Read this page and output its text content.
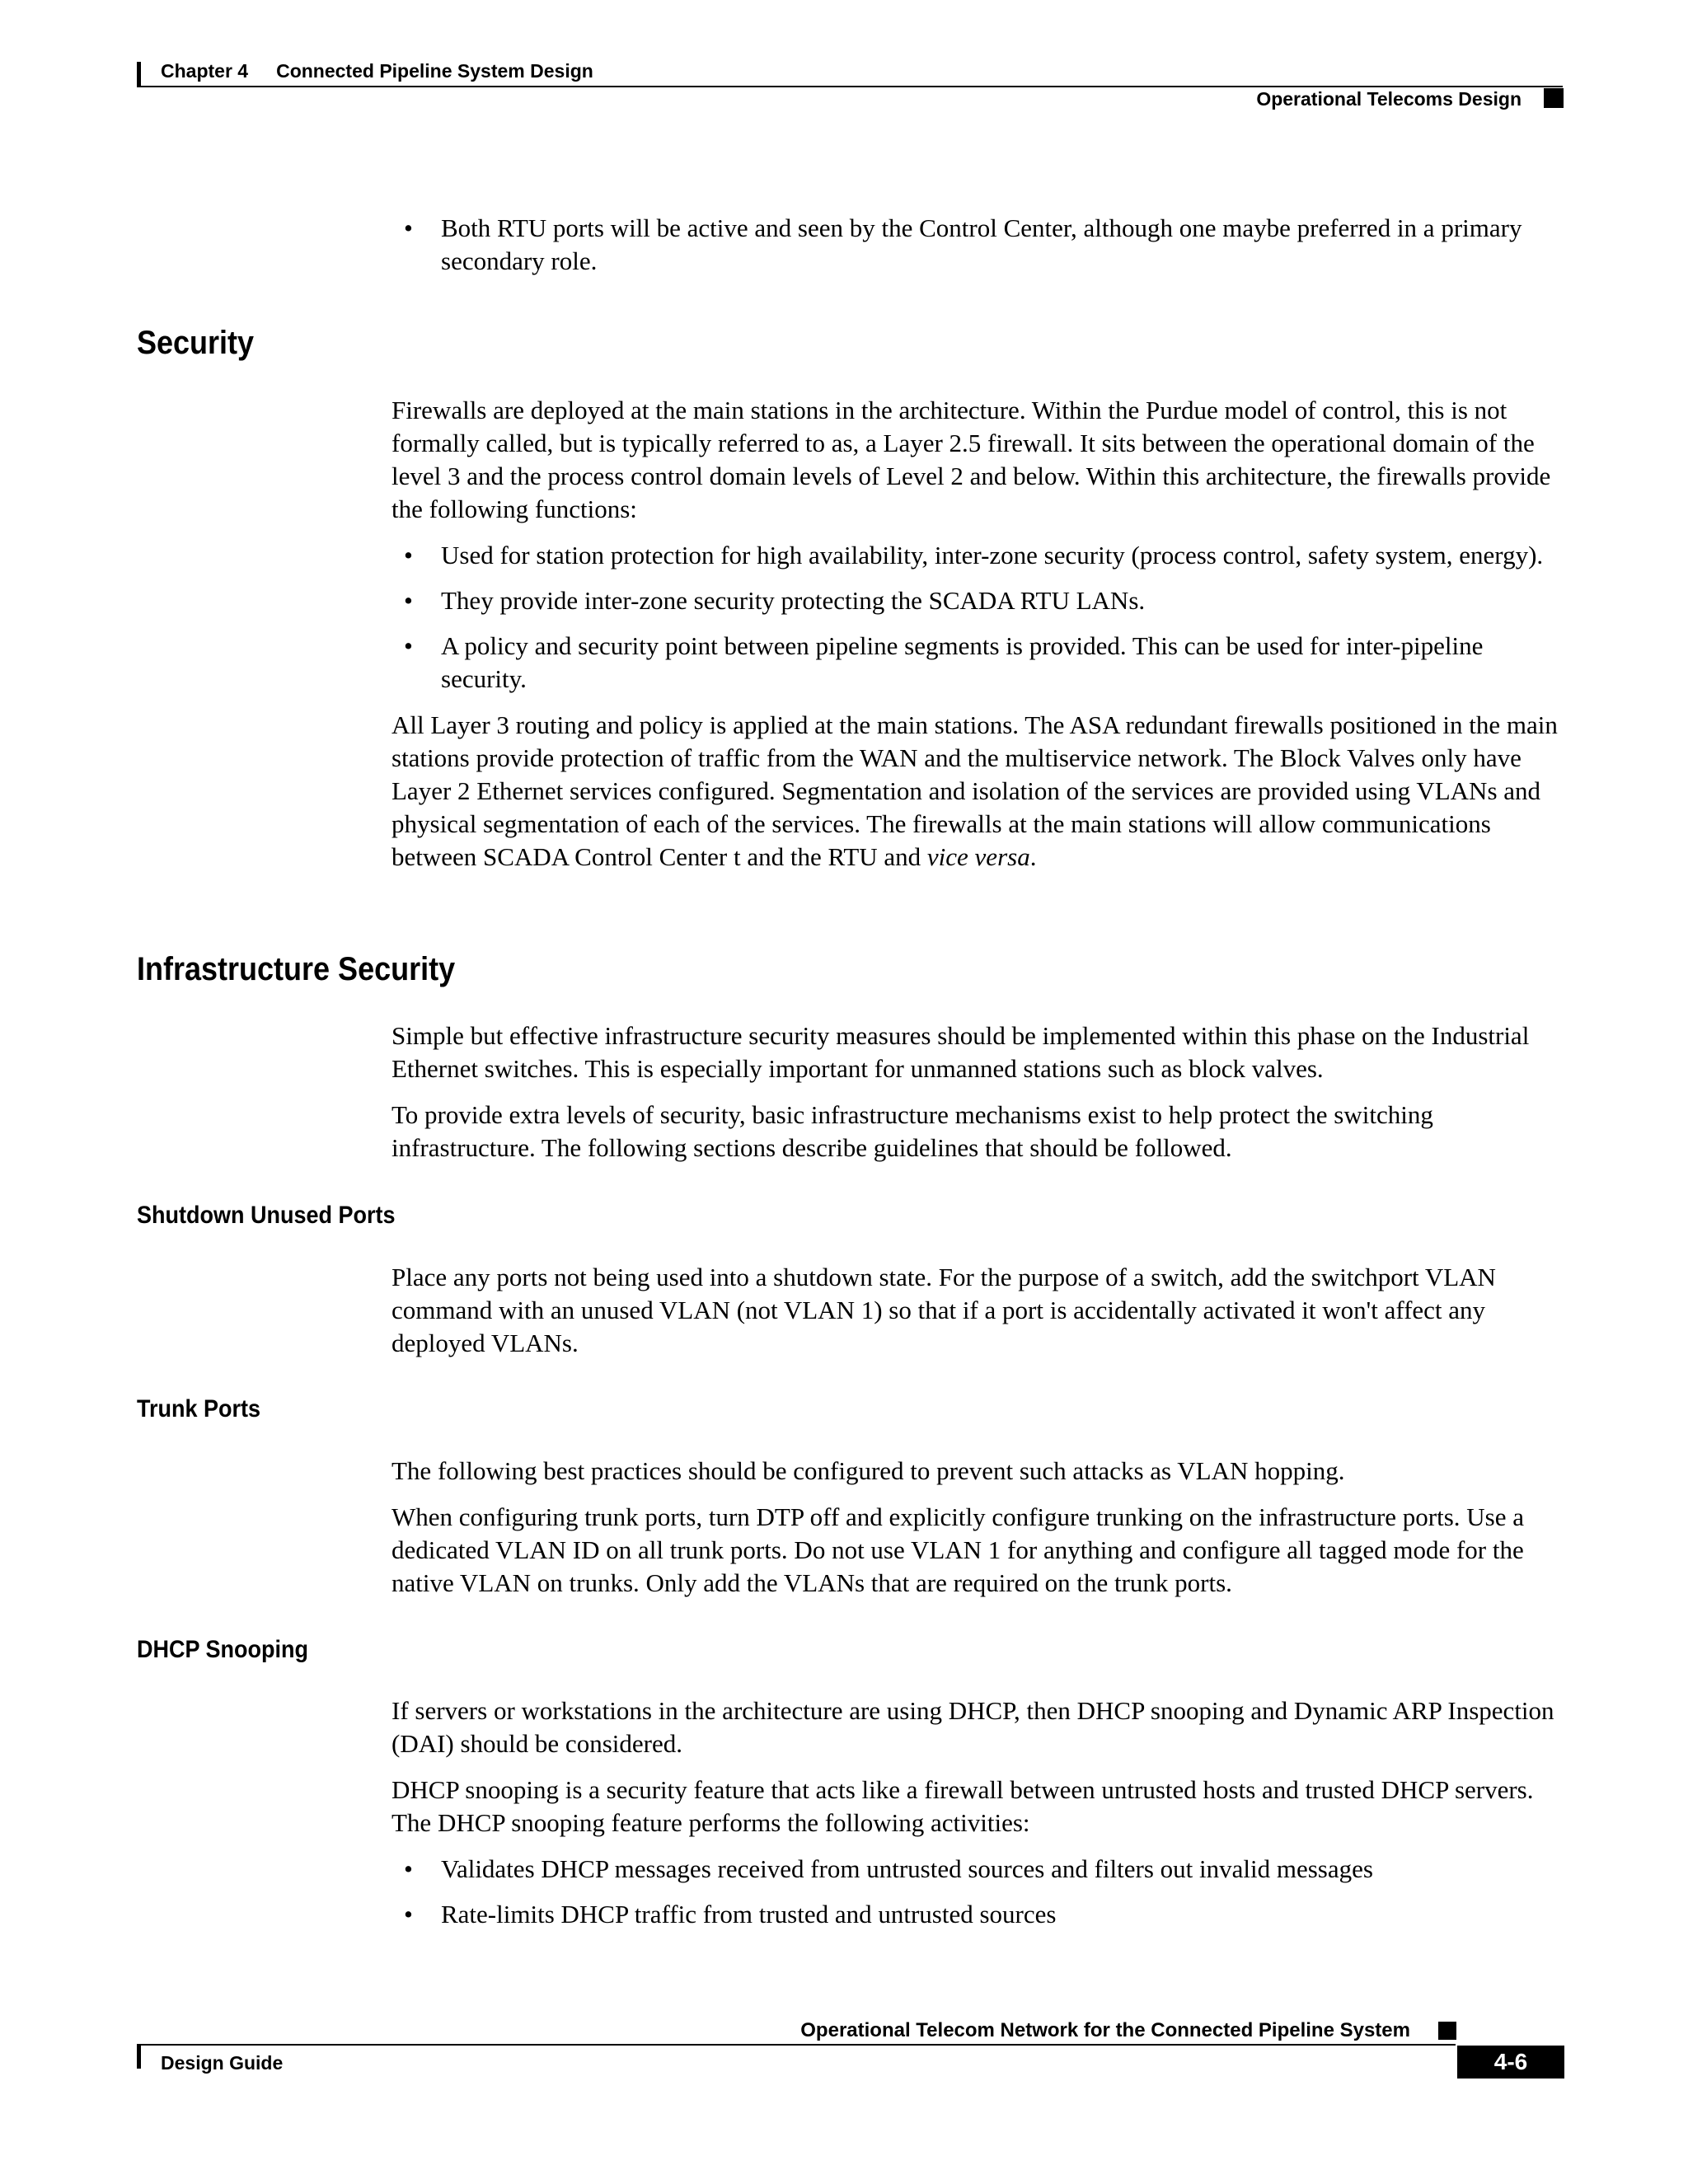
Chapter 4 Connected Pipeline System Design
Operational Telecoms Design
• Both RTU ports will be active and seen by the Control Center, although one maybe preferred in a primary secondary role.
Security

Firewalls are deployed at the main stations in the architecture. Within the Purdue model of control, this is not formally called, but is typically referred to as, a Layer 2.5 firewall. It sits between the operational domain of the level 3 and the process control domain levels of Level 2 and below. Within this architecture, the firewalls provide the following functions:

• Used for station protection for high availability, inter-zone security (process control, safety system, energy).
• They provide inter-zone security protecting the SCADA RTU LANs.
• A policy and security point between pipeline segments is provided. This can be used for inter-pipeline security.

All Layer 3 routing and policy is applied at the main stations. The ASA redundant firewalls positioned in the main stations provide protection of traffic from the WAN and the multiservice network. The Block Valves only have Layer 2 Ethernet services configured. Segmentation and isolation of the services are provided using VLANs and physical segmentation of each of the services. The firewalls at the main stations will allow communications between SCADA Control Center t and the RTU and vice versa.

Infrastructure Security

Simple but effective infrastructure security measures should be implemented within this phase on the Industrial Ethernet switches. This is especially important for unmanned stations such as block valves.

To provide extra levels of security, basic infrastructure mechanisms exist to help protect the switching infrastructure. The following sections describe guidelines that should be followed.

Shutdown Unused Ports

Place any ports not being used into a shutdown state. For the purpose of a switch, add the switchport VLAN command with an unused VLAN (not VLAN 1) so that if a port is accidentally activated it won't affect any deployed VLANs.

Trunk Ports

The following best practices should be configured to prevent such attacks as VLAN hopping.

When configuring trunk ports, turn DTP off and explicitly configure trunking on the infrastructure ports. Use a dedicated VLAN ID on all trunk ports. Do not use VLAN 1 for anything and configure all tagged mode for the native VLAN on trunks. Only add the VLANs that are required on the trunk ports.

DHCP Snooping

If servers or workstations in the architecture are using DHCP, then DHCP snooping and Dynamic ARP Inspection (DAI) should be considered.

DHCP snooping is a security feature that acts like a firewall between untrusted hosts and trusted DHCP servers. The DHCP snooping feature performs the following activities:

• Validates DHCP messages received from untrusted sources and filters out invalid messages
• Rate-limits DHCP traffic from trusted and untrusted sources
Operational Telecom Network for the Connected Pipeline System
Design Guide	4-6
